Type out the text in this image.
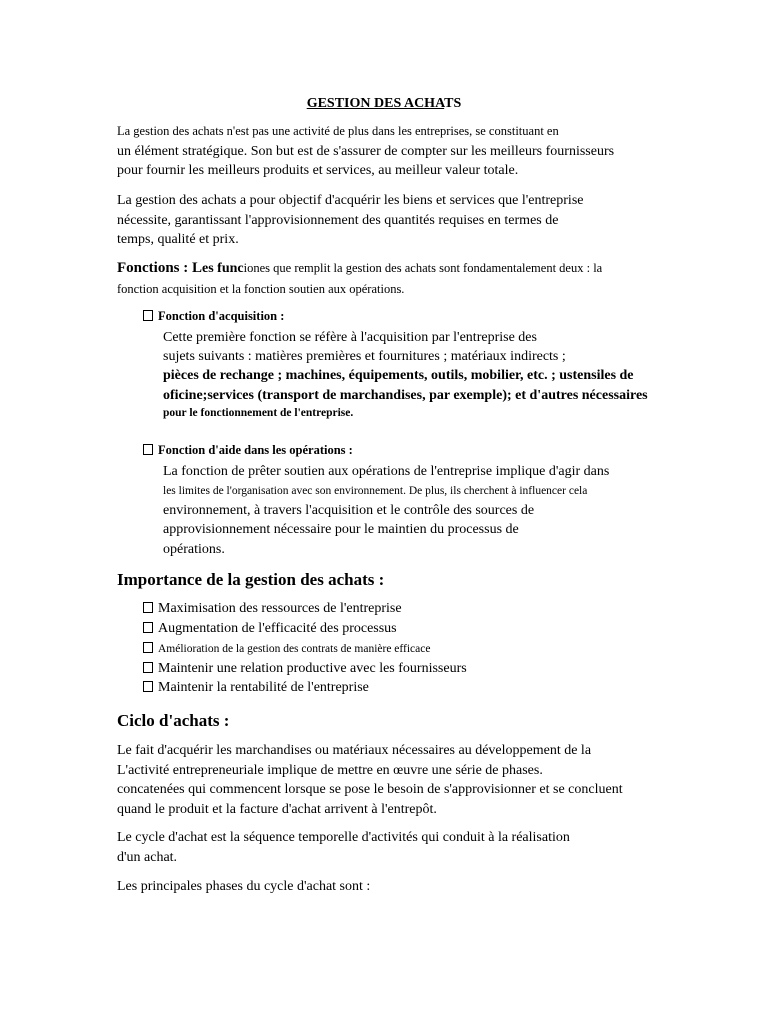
GESTION DES ACHATS
La gestion des achats n'est pas une activité de plus dans les entreprises, se constituant en
un élément stratégique. Son but est de s'assurer de compter sur les meilleurs fournisseurs
pour fournir les meilleurs produits et services, au meilleur valeur totale.
La gestion des achats a pour objectif d'acquérir les biens et services que l'entreprise
nécessite, garantissant l'approvisionnement des quantités requises en termes de
temps, qualité et prix.
Fonctions : Les funciones que remplit la gestion des achats sont fondamentalement deux : la
fonction acquisition et la fonction soutien aux opérations.
Fonction d'acquisition :
Cette première fonction se réfère à l'acquisition par l'entreprise des
sujets suivants : matières premières et fournitures ; matériaux indirects ;
pièces de rechange ; machines, équipements, outils, mobilier, etc. ; ustensiles de
oficine;services (transport de marchandises, par exemple); et d'autres nécessaires
pour le fonctionnement de l'entreprise.
Fonction d'aide dans les opérations :
La fonction de prêter soutien aux opérations de l'entreprise implique d'agir dans
les limites de l'organisation avec son environnement. De plus, ils cherchent à influencer cela
environnement, à travers l'acquisition et le contrôle des sources de
approvisionnement nécessaire pour le maintien du processus de
opérations.
Importance de la gestion des achats :
Maximisation des ressources de l'entreprise
Augmentation de l'efficacité des processus
Amélioration de la gestion des contrats de manière efficace
Maintenir une relation productive avec les fournisseurs
Maintenir la rentabilité de l'entreprise
Ciclo d'achats :
Le fait d'acquérir les marchandises ou matériaux nécessaires au développement de la
L'activité entrepreneuriale implique de mettre en œuvre une série de phases.
concatenées qui commencent lorsque se pose le besoin de s'approvisionner et se concluent
quand le produit et la facture d'achat arrivent à l'entrepôt.
Le cycle d'achat est la séquence temporelle d'activités qui conduit à la réalisation
d'un achat.
Les principales phases du cycle d'achat sont :
